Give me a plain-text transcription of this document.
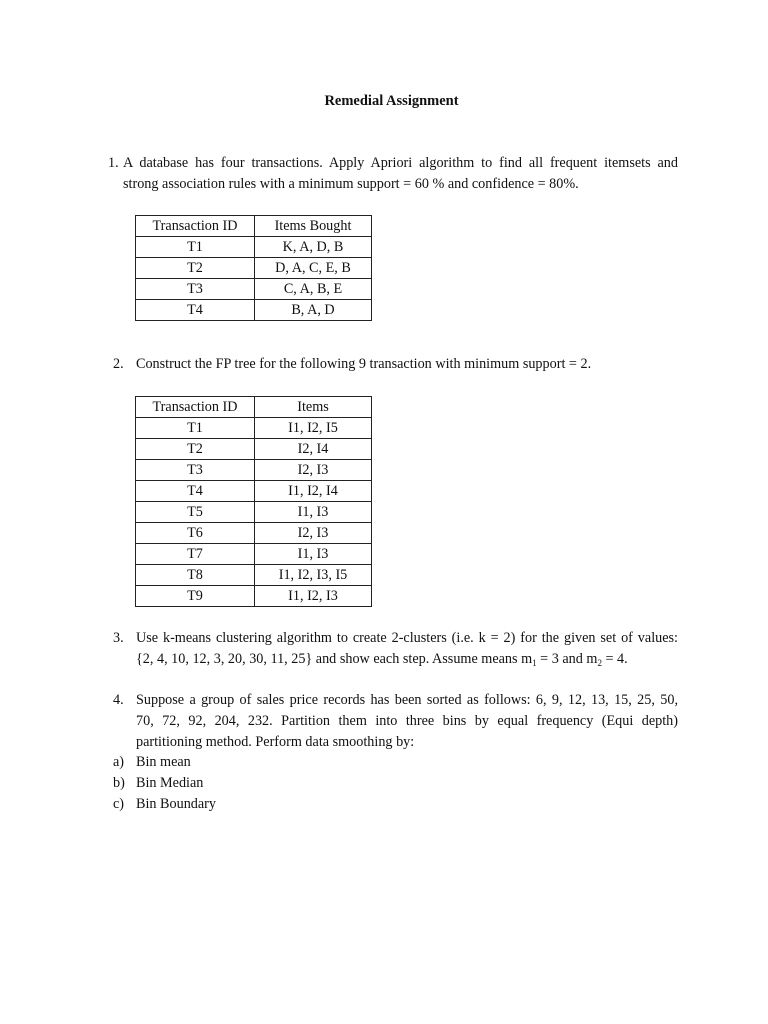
Remedial Assignment
1. A database has four transactions. Apply Apriori algorithm to find all frequent itemsets and
strong association rules with a minimum support = 60 % and confidence = 80%.
Transaction ID	Items Bought
T1	K, A, D, B
T2	D, A, C, E, B
T3	C, A, B, E
T4	B, A, D
2. Construct the FP tree for the following 9 transaction with minimum support = 2.
Transaction ID	Items
T1	I1, I2, I5
T2	I2, I4
T3	I2, I3
T4	I1, I2, I4
T5	I1, I3
T6	I2, I3
T7	I1, I3
T8	I1, I2, I3, I5
T9	I1, I2, I3
3. Use k-means clustering algorithm to create 2-clusters (i.e. k = 2) for the given set of values:
{2, 4, 10, 12, 3, 20, 30, 11, 25} and show each step. Assume means $m_1 = 3$ and $m_2 = 4$.
4. Suppose a group of sales price records has been sorted as follows: 6, 9, 12, 13, 15, 25, 50,
70, 72, 92, 204, 232. Partition them into three bins by equal frequency (Equi depth)
partitioning method. Perform data smoothing by:
a) Bin mean
b) Bin Median
c) Bin Boundary
